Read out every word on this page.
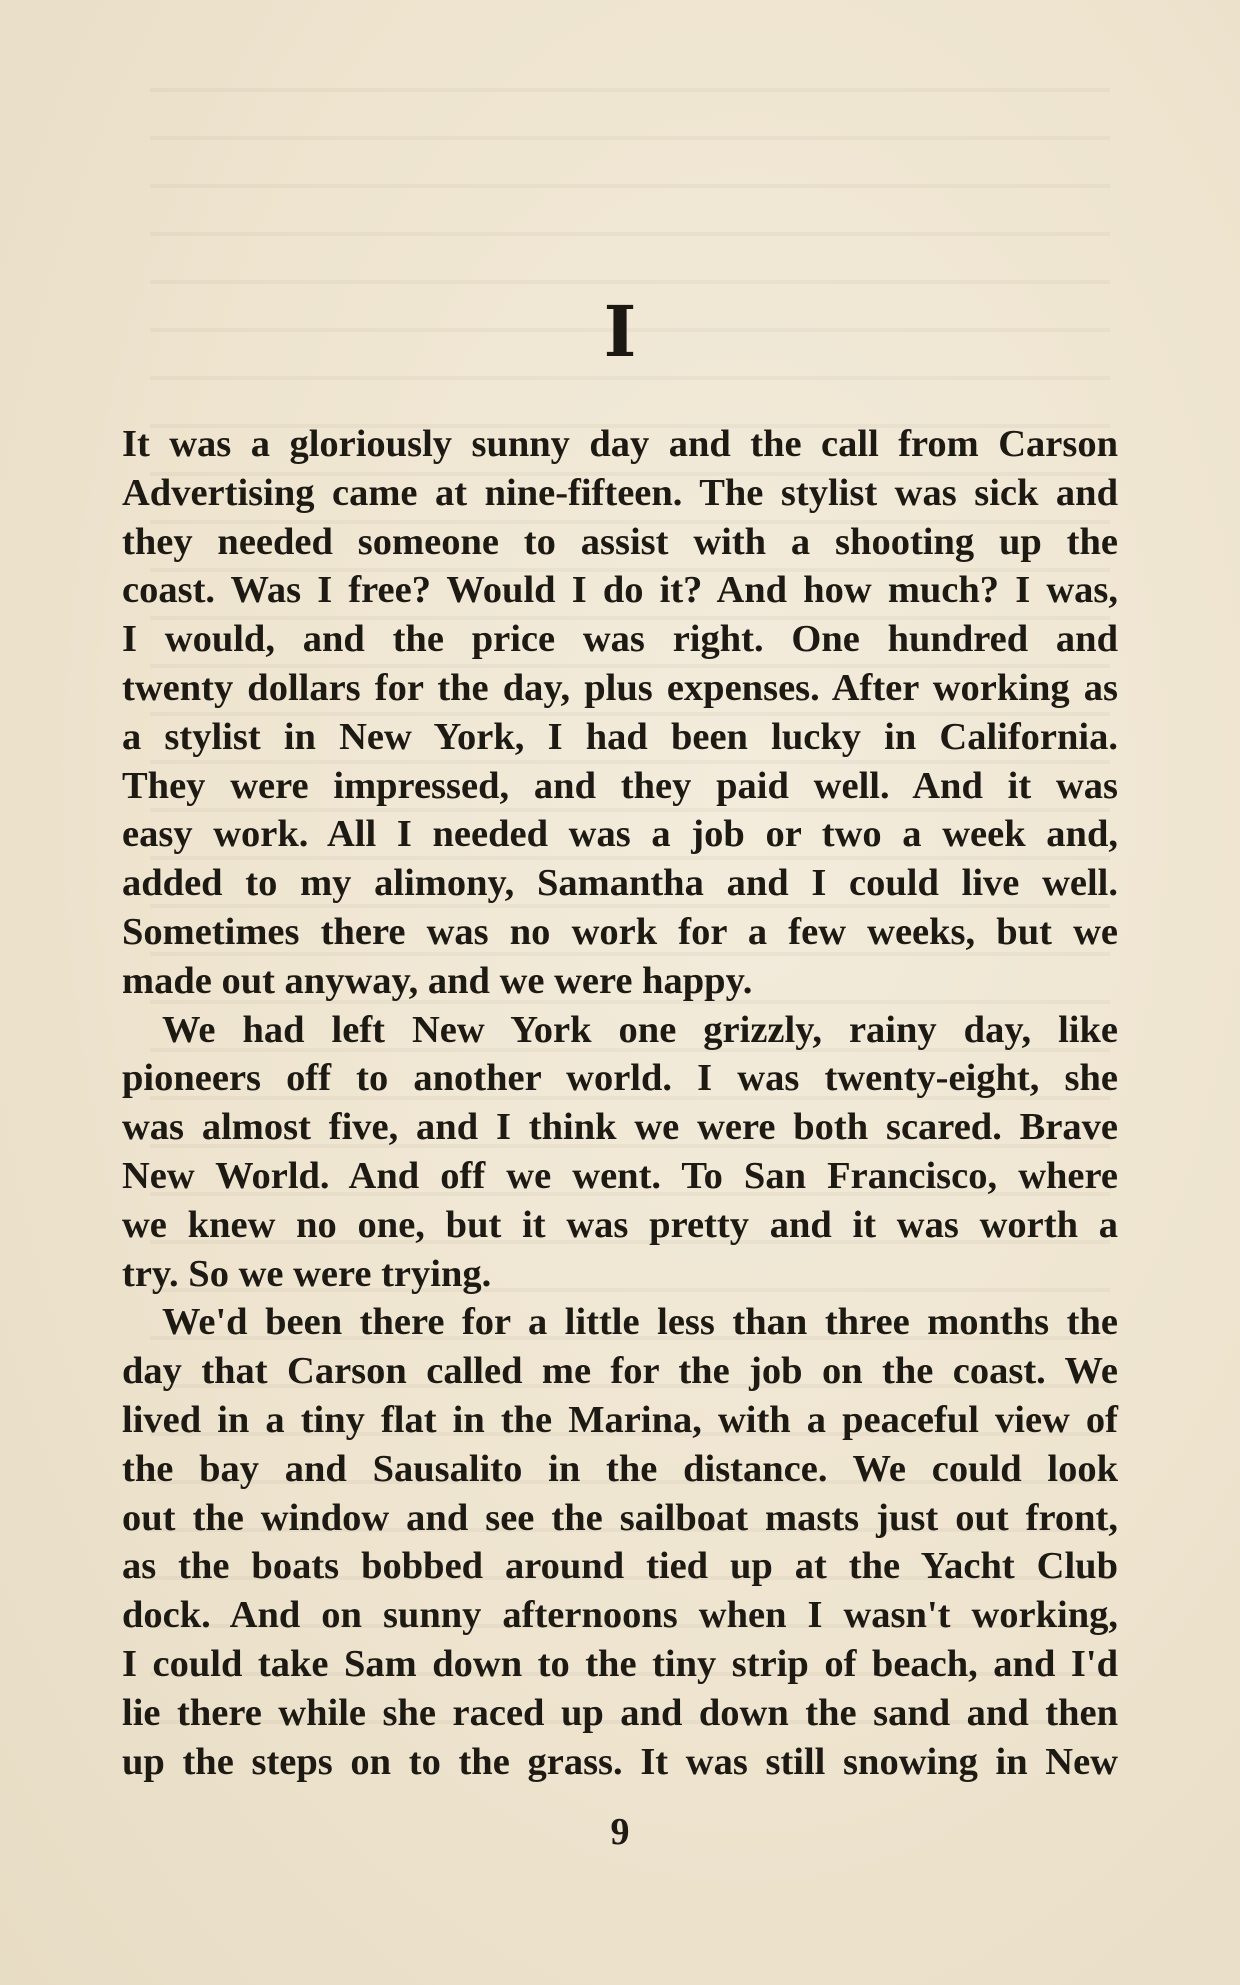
I
It was a gloriously sunny day and the call from Carson
Advertising came at nine-fifteen. The stylist was sick and
they needed someone to assist with a shooting up the
coast. Was I free? Would I do it? And how much? I was,
I would, and the price was right. One hundred and
twenty dollars for the day, plus expenses. After working as
a stylist in New York, I had been lucky in California.
They were impressed, and they paid well. And it was
easy work. All I needed was a job or two a week and,
added to my alimony, Samantha and I could live well.
Sometimes there was no work for a few weeks, but we
made out anyway, and we were happy.
We had left New York one grizzly, rainy day, like
pioneers off to another world. I was twenty-eight, she
was almost five, and I think we were both scared. Brave
New World. And off we went. To San Francisco, where
we knew no one, but it was pretty and it was worth a
try. So we were trying.
We'd been there for a little less than three months the
day that Carson called me for the job on the coast. We
lived in a tiny flat in the Marina, with a peaceful view of
the bay and Sausalito in the distance. We could look
out the window and see the sailboat masts just out front,
as the boats bobbed around tied up at the Yacht Club
dock. And on sunny afternoons when I wasn't working,
I could take Sam down to the tiny strip of beach, and I'd
lie there while she raced up and down the sand and then
up the steps on to the grass. It was still snowing in New
9
